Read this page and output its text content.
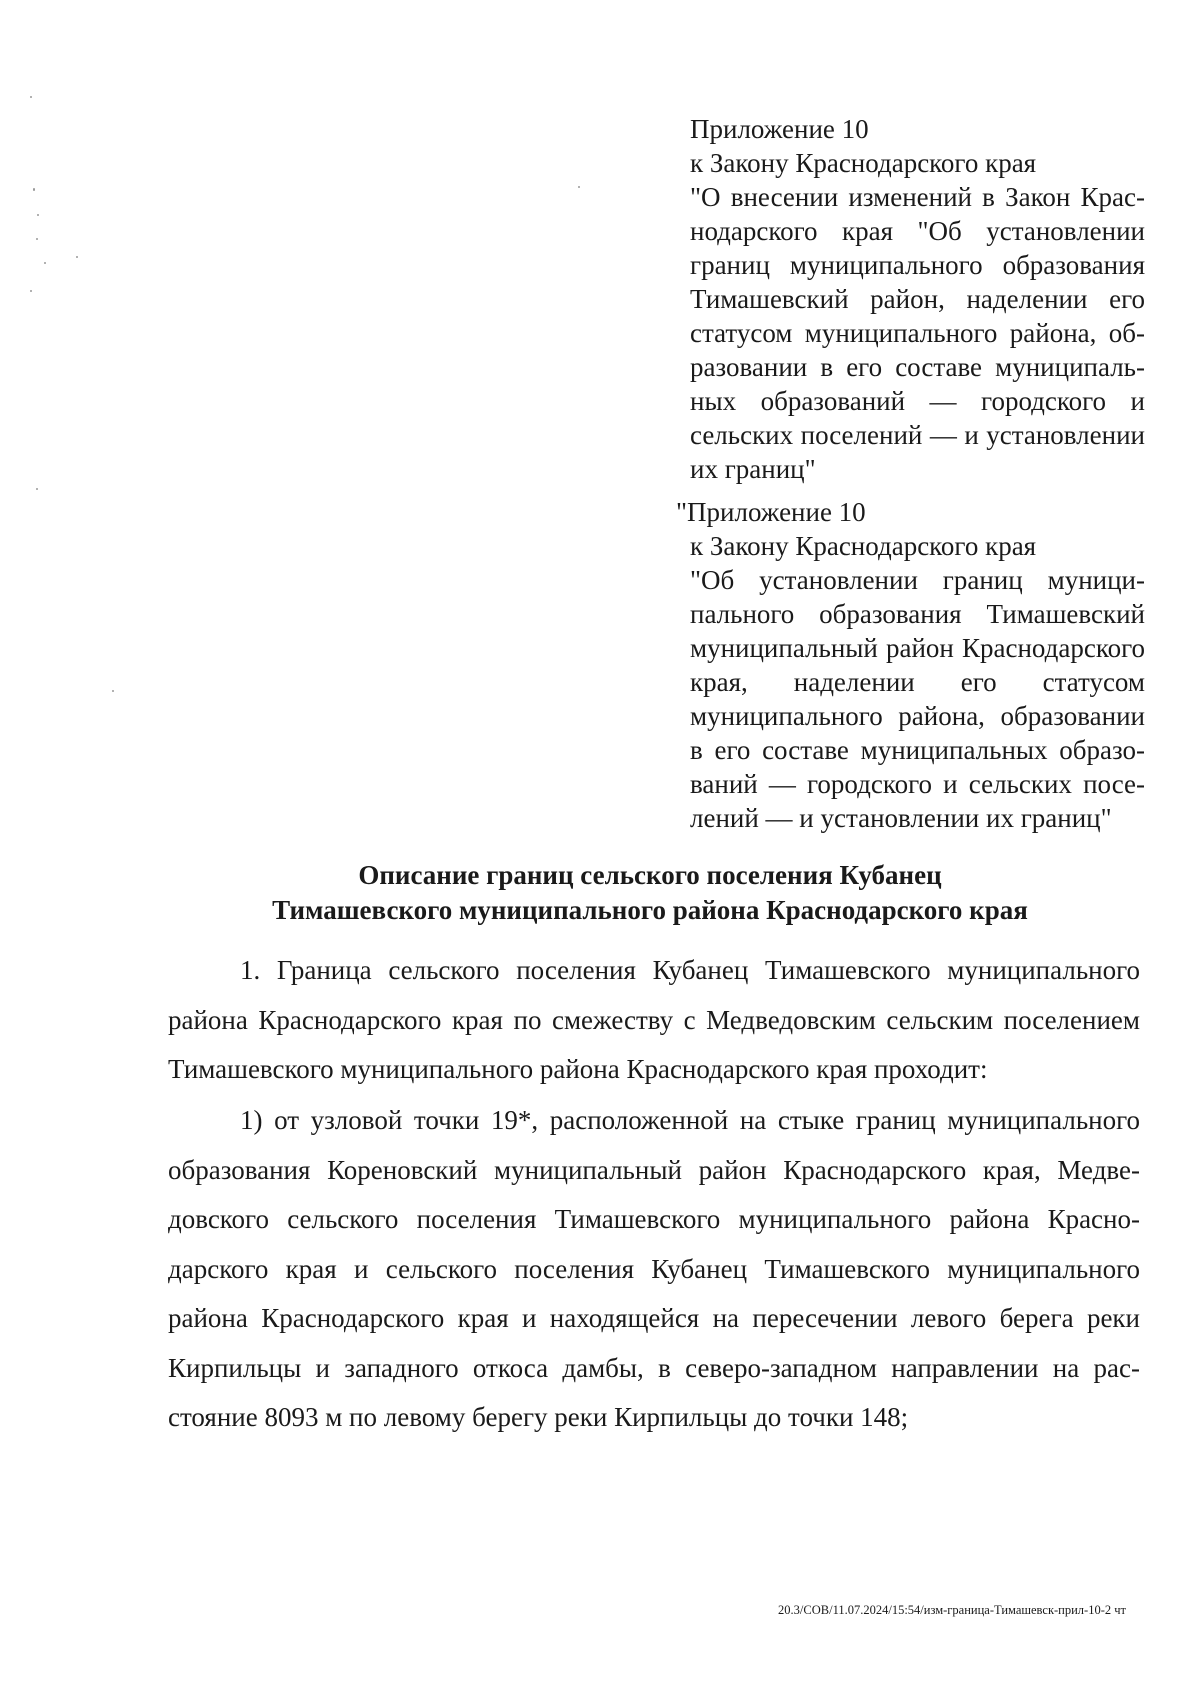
Приложение 10
к Закону Краснодарского края
"О внесении изменений в Закон Краснодарского края "Об установлении границ муниципального образования Тимашевский район, наделении его статусом муниципального района, образовании в его составе муниципальных образований — городского и сельских поселений — и установлении их границ"
"Приложение 10
к Закону Краснодарского края
"Об установлении границ муниципального образования Тимашевский муниципальный район Краснодарского края, наделении его статусом муниципального района, образовании в его составе муниципальных образований — городского и сельских поселений — и установлении их границ"
Описание границ сельского поселения Кубанец
Тимашевского муниципального района Краснодарского края

1. Граница сельского поселения Кубанец Тимашевского муниципального района Краснодарского края по смежеству с Медведовским сельским поселением Тимашевского муниципального района Краснодарского края проходит:

1) от узловой точки 19*, расположенной на стыке границ муниципального образования Кореновский муниципальный район Краснодарского края, Медведовского сельского поселения Тимашевского муниципального района Краснодарского края и сельского поселения Кубанец Тимашевского муниципального района Краснодарского края и находящейся на пересечении левого берега реки Кирпильцы и западного откоса дамбы, в северо-западном направлении на расстояние 8093 м по левому берегу реки Кирпильцы до точки 148;

20.3/СОВ/11.07.2024/15:54/изм-граница-Тимашевск-прил-10-2 чт
